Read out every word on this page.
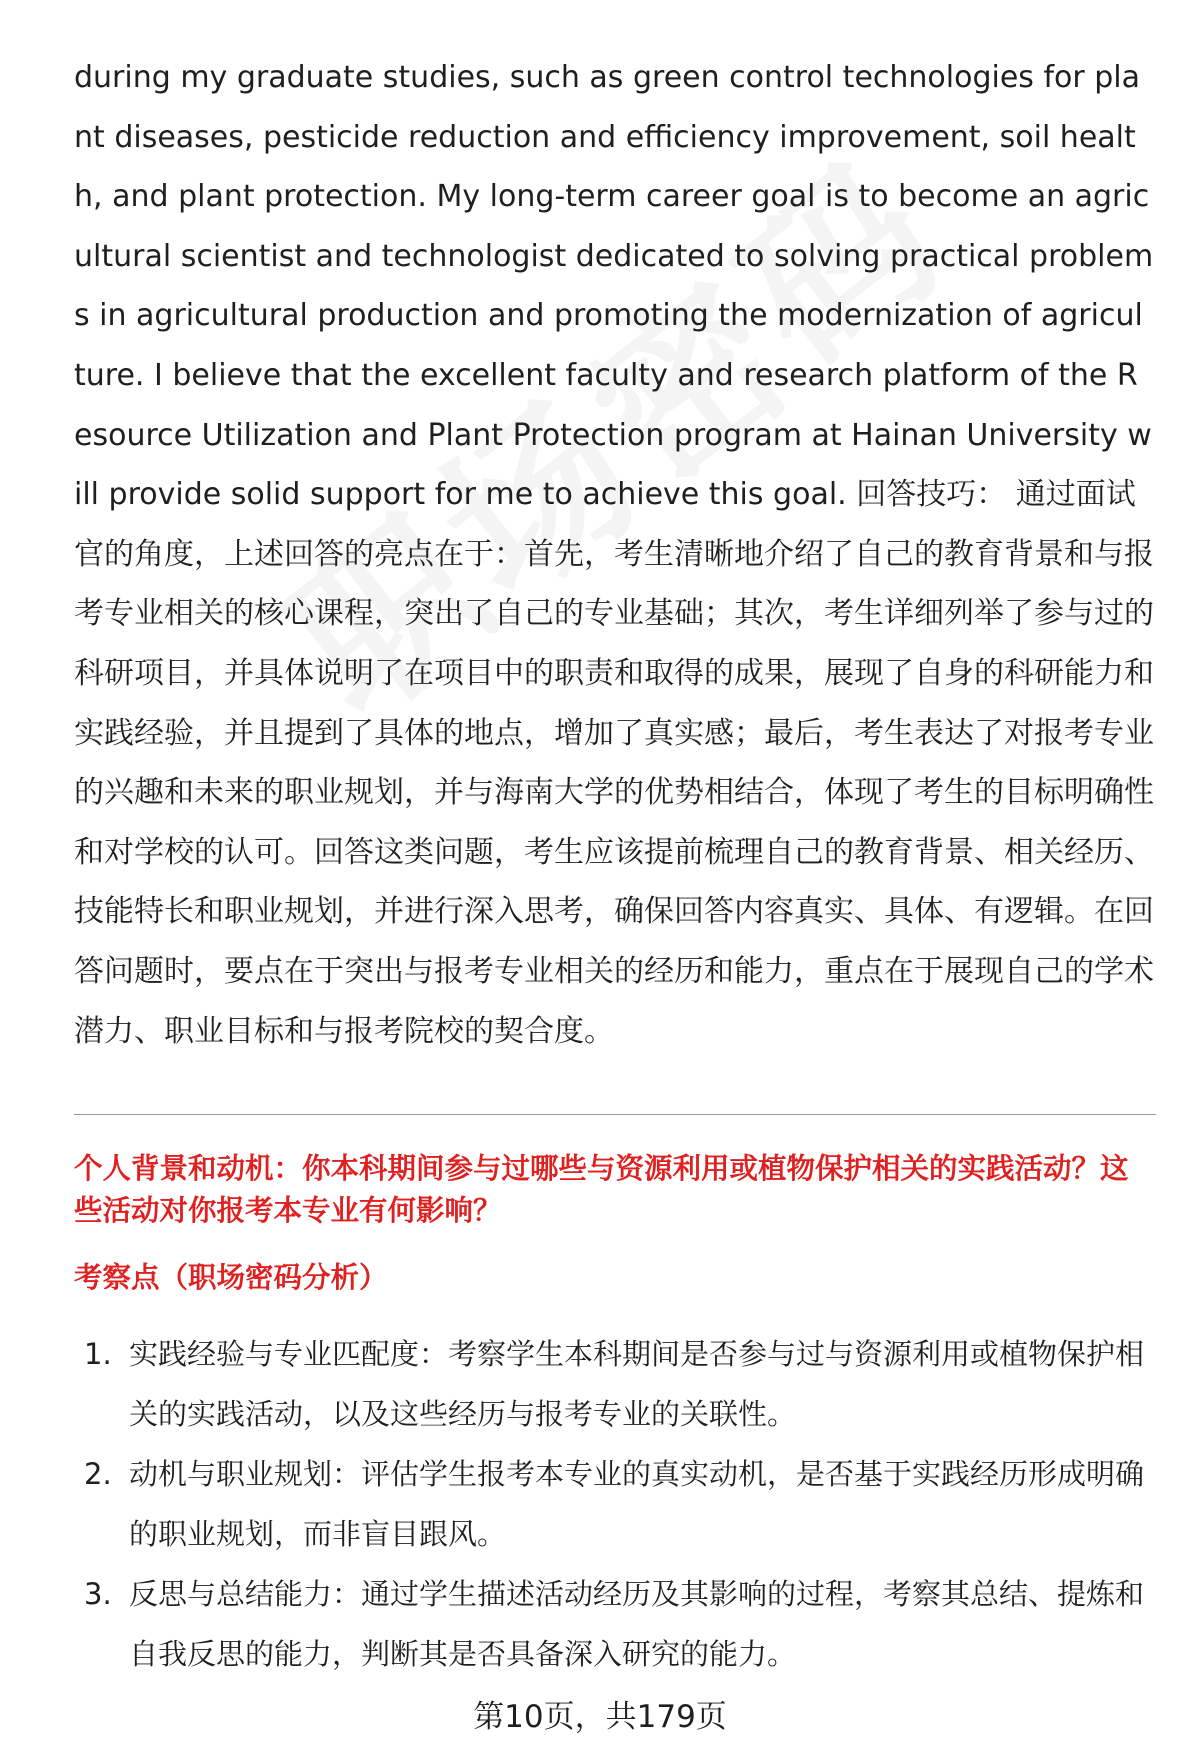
during my graduate studies, such as green control technologies for plant diseases, pesticide reduction and efficiency improvement, soil health, and plant protection. My long-term career goal is to become an agricultural scientist and technologist dedicated to solving practical problems in agricultural production and promoting the modernization of agriculture. I believe that the excellent faculty and research platform of the Resource Utilization and Plant Protection program at Hainan University will provide solid support for me to achieve this goal. 回答技巧： 通过面试官的角度，上述回答的亮点在于：首先，考生清晰地介绍了自己的教育背景和与报考专业相关的核心课程，突出了自己的专业基础；其次，考生详细列举了参与过的科研项目，并具体说明了在项目中的职责和取得的成果，展现了自身的科研能力和实践经验，并且提到了具体的地点，增加了真实感；最后，考生表达了对报考专业的兴趣和未来的职业规划，并与海南大学的优势相结合，体现了考生的目标明确性和对学校的认可。回答这类问题，考生应该提前梳理自己的教育背景、相关经历、技能特长和职业规划，并进行深入思考，确保回答内容真实、具体、有逻辑。在回答问题时，要点在于突出与报考专业相关的经历和能力，重点在于展现自己的学术潜力、职业目标和与报考院校的契合度。

个人背景和动机：你本科期间参与过哪些与资源利用或植物保护相关的实践活动？这些活动对你报考本专业有何影响？
考察点（职场密码分析）
1. 实践经验与专业匹配度：考察学生本科期间是否参与过与资源利用或植物保护相关的实践活动，以及这些经历与报考专业的关联性。
2. 动机与职业规划：评估学生报考本专业的真实动机，是否基于实践经历形成明确的职业规划，而非盲目跟风。
3. 反思与总结能力：通过学生描述活动经历及其影响的过程，考察其总结、提炼和自我反思的能力，判断其是否具备深入研究的能力。
第10页，共179页
